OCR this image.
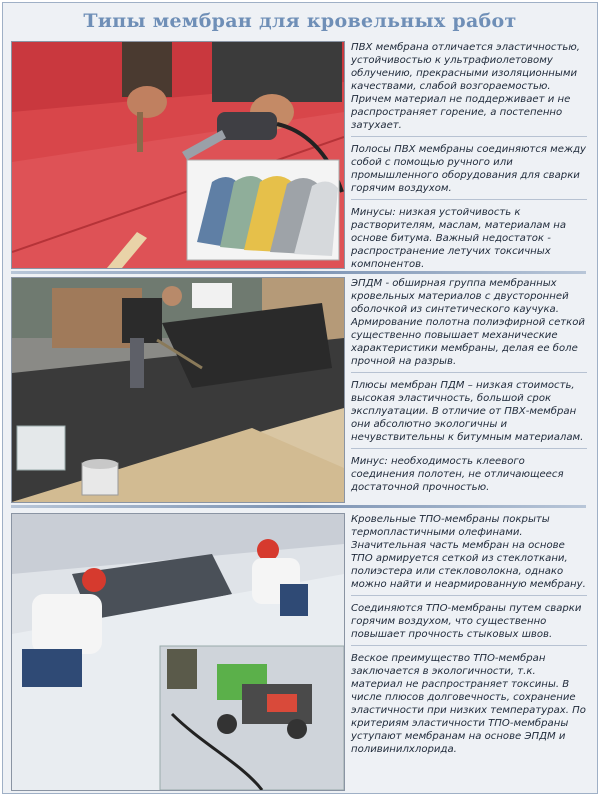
Типы мембран для кровельных работ

ПВХ мембрана отличается эластичностью, устойчивостью к ультрафиолетовому облучению, прекрасными изоляционными качествами, слабой возгораемостью. Причем материал не поддерживает и не распространяет горение, а постепенно затухает.

Полосы ПВХ мембраны соединяются между собой с помощью ручного или промышленного оборудования для сварки горячим воздухом.

Минусы: низкая устойчивость к растворителям, маслам, материалам на основе битума. Важный недостаток - распространение летучих токсичных компонентов.

ЭПДМ - обширная группа мембранных кровельных материалов с двусторонней оболочкой из синтетического каучука. Армирование полотна полиэфирной сеткой существенно повышает механические характеристики мембраны, делая ее боле прочной на разрыв.

Плюсы мембран ПДМ – низкая стоимость, высокая эластичность, большой срок эксплуатации. В отличие от ПВХ-мембран они абсолютно экологичны и нечувствительны к битумным материалам.

Минус: необходимость клеевого соединения полотен, не отличающееся достаточной прочностью.

Кровельные ТПО-мембраны покрыты термопластичными олефинами. Значительная часть мембран на основе ТПО армируется сеткой из стеклоткани, полиэстера или стекловолокна, однако можно найти и неармированную мембрану.

Соединяются ТПО-мембраны путем сварки горячим воздухом, что существенно повышает прочность стыковых швов.

Веское преимущество ТПО-мембран заключается в экологичности, т.к. материал не распространяет токсины. В числе плюсов долговечность, сохранение эластичности при низких температурах. По критериям эластичности ТПО-мембраны уступают мембранам на основе ЭПДМ и поливинилхлорида.
